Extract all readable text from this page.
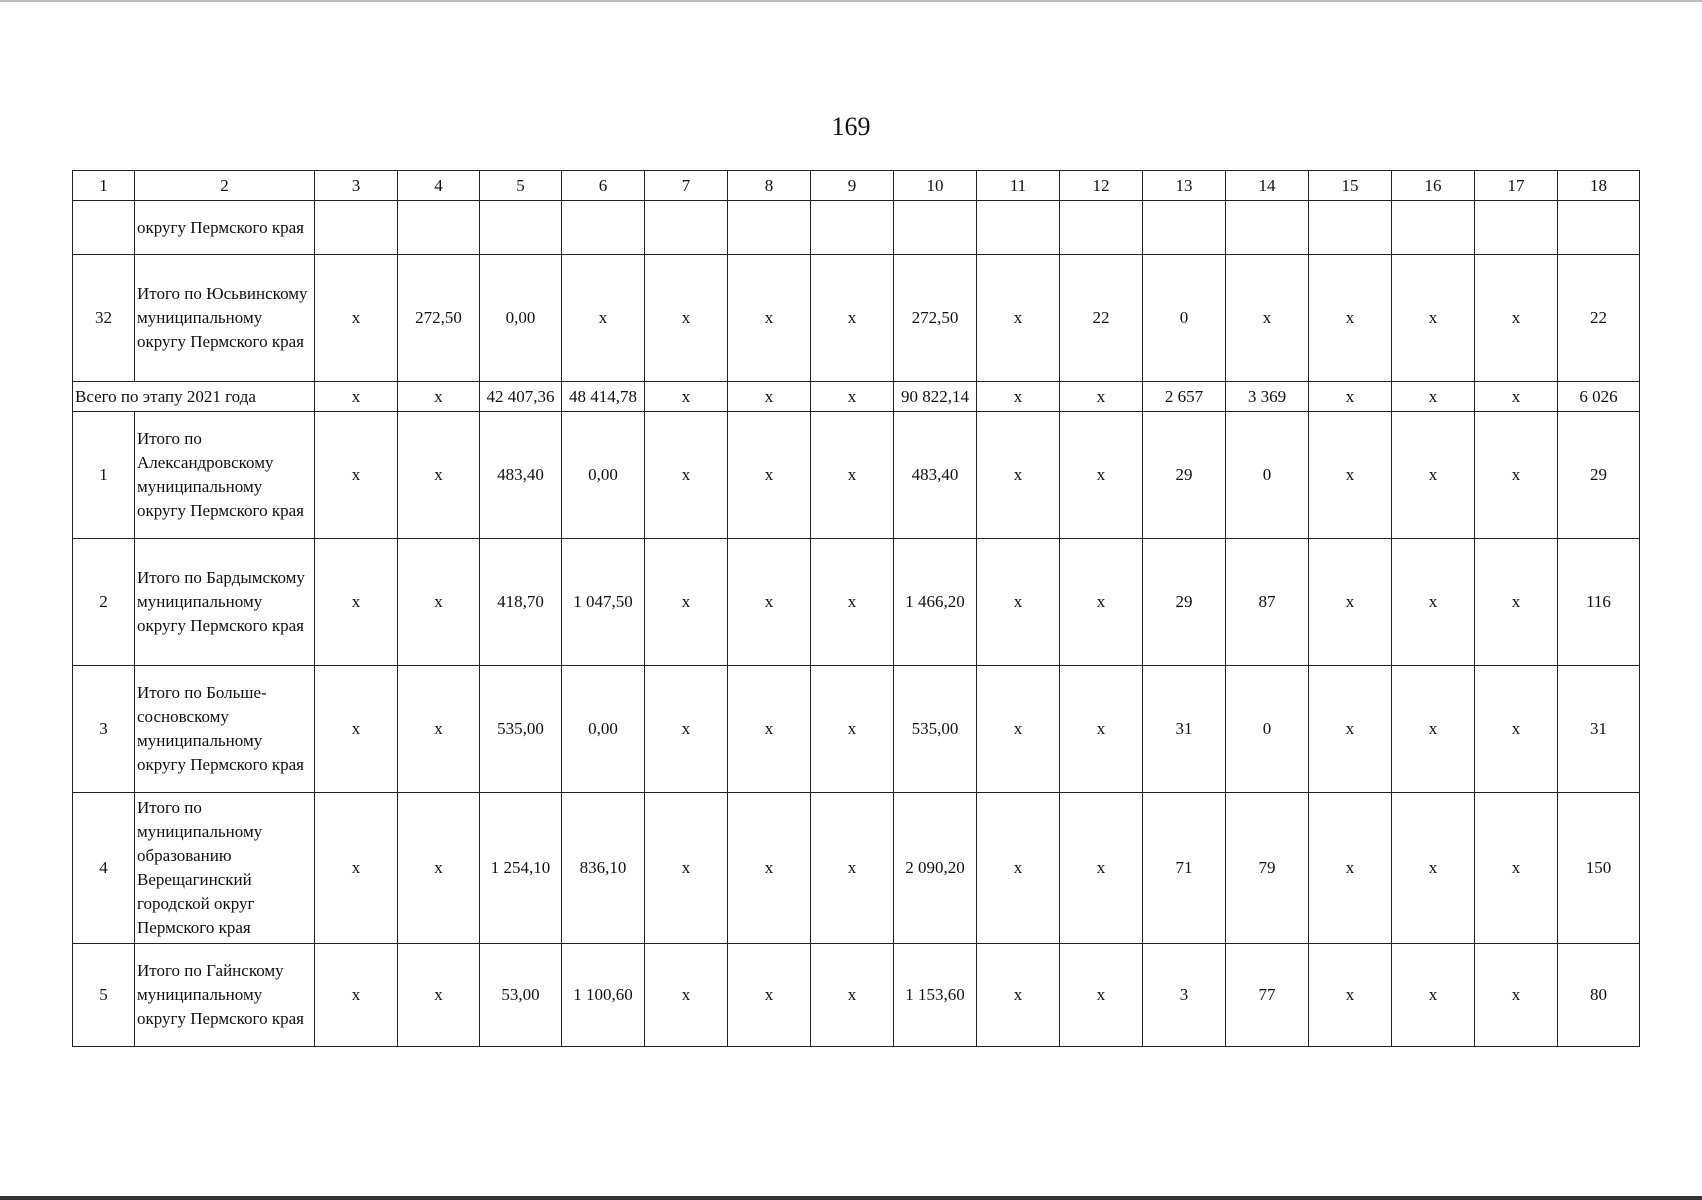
169
1	2	3	4	5	6	7	8	9	10	11	12	13	14	15	16	17	18
	округу Пермского края																
32	Итого по Юсьвинскому муниципальному округу Пермского края	x	272,50	0,00	x	x	x	x	272,50	x	22	0	x	x	x	x	22
Всего по этапу 2021 года		x	x	42 407,36	48 414,78	x	x	x	90 822,14	x	x	2 657	3 369	x	x	x	6 026
1	Итого по Александровскому муниципальному округу Пермского края	x	x	483,40	0,00	x	x	x	483,40	x	x	29	0	x	x	x	29
2	Итого по Бардымскому муниципальному округу Пермского края	x	x	418,70	1 047,50	x	x	x	1 466,20	x	x	29	87	x	x	x	116
3	Итого по Больше-сосновскому муниципальному округу Пермского края	x	x	535,00	0,00	x	x	x	535,00	x	x	31	0	x	x	x	31
4	Итого по муниципальному образованию Верещагинский городской округ Пермского края	x	x	1 254,10	836,10	x	x	x	2 090,20	x	x	71	79	x	x	x	150
5	Итого по Гайнскому муниципальному округу Пермского края	x	x	53,00	1 100,60	x	x	x	1 153,60	x	x	3	77	x	x	x	80
